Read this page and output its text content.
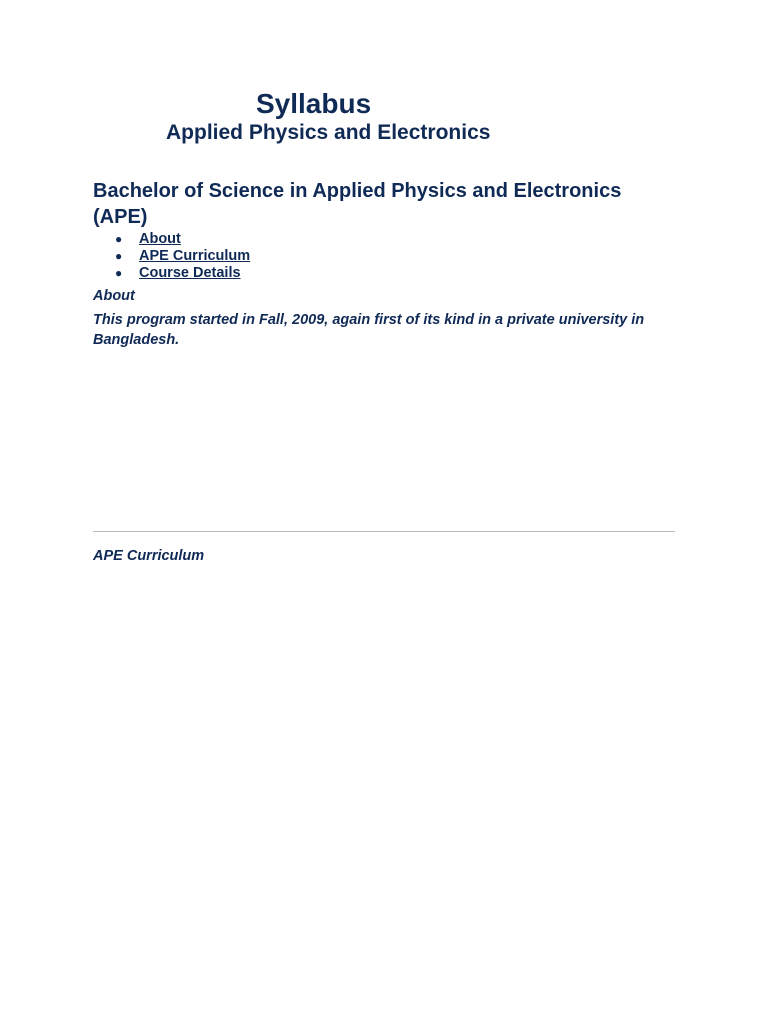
Syllabus
Applied Physics and Electronics
Bachelor of Science in Applied Physics and Electronics (APE)
● About
● APE Curriculum
● Course Details

About

This program started in Fall, 2009, again first of its kind in a private university in Bangladesh.

APE Curriculum
